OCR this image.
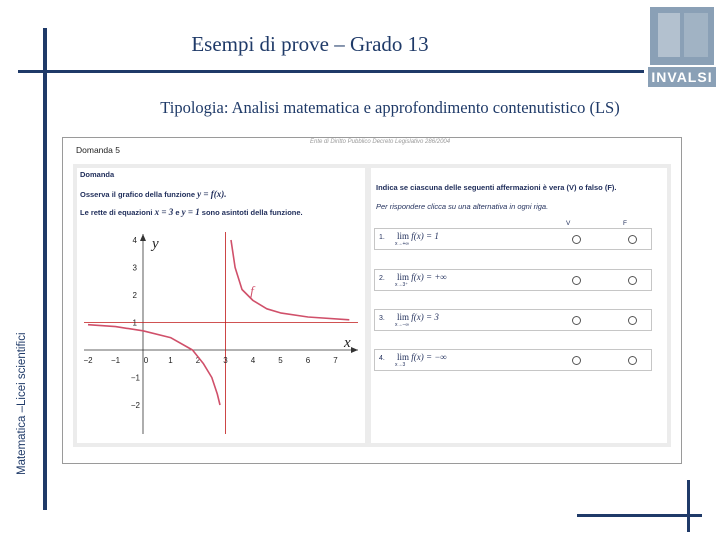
Esempi di prove – Grado 13
Tipologia: Analisi matematica e approfondimento contenutistico (LS)
Matematica –Licei scientifici
INVALSI
Domanda 5
Ente di Diritto Pubblico Decreto Legislativo 286/2004
Domanda
Osserva il grafico della funzione y = f(x).
Le rette di equazioni x = 3 e y = 1 sono asintoti della funzione.
−2 −1	0	1	2	3	4	5	6	7
1
2
3
4
−1
−2
x
y
f
Indica se ciascuna delle seguenti affermazioni è vera (V) o falso (F).
Per rispondere clicca su una alternativa in ogni riga.
V	F
1. lim f(x) = 1
x→+∞
2. lim f(x) = +∞
x→3⁺
3. lim f(x) = 3
x→−∞
4. lim f(x) = −∞
x→3
